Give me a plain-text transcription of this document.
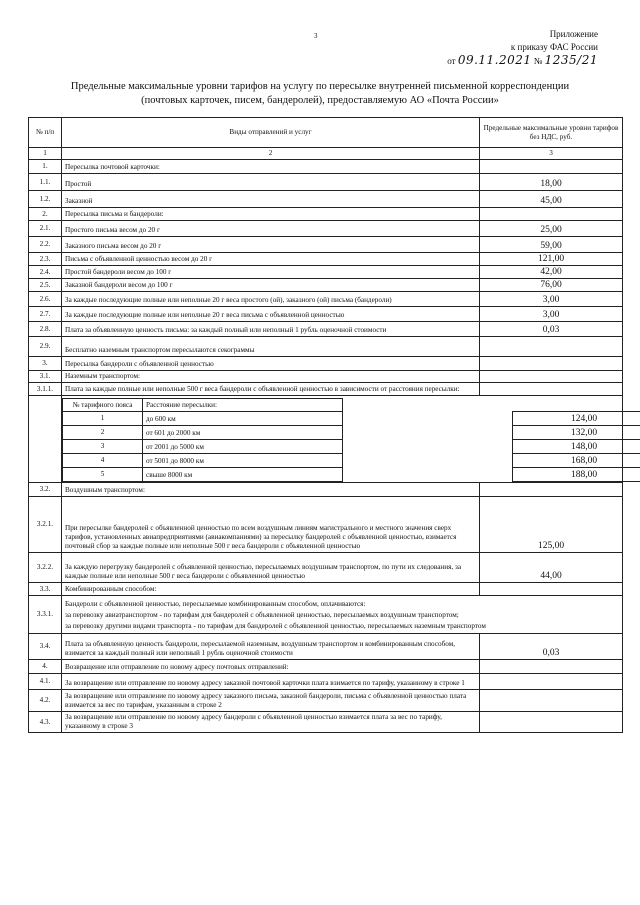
3	Приложение
к приказу ФАС России
от 09.11.2021 № 1235/21
Предельные максимальные уровни тарифов на услугу по пересылке внутренней письменной корреспонденции
(почтовых карточек, писем, бандеролей), предоставляемую АО «Почта России»
№ п/п	Виды отправлений и услуг	Предельные максимальные уровни тарифов без НДС, руб.
1	2	3
1.	Пересылка почтовой карточки:	
1.1.	Простой	18,00
1.2.	Заказной	45,00
2.	Пересылка письма и бандероли:	
2.1.	Простого письма весом до 20 г	25,00
2.2.	Заказного письма весом до 20 г	59,00
2.3.	Письма с объявленной ценностью весом до 20 г	121,00
2.4.	Простой бандероли весом до 100 г	42,00
2.5.	Заказной бандероли весом до 100 г	76,00
2.6.	За каждые последующие полные или неполные 20 г веса простого (ой), заказного (ой) письма (бандероли)	3,00
2.7.	За каждые последующие полные или неполные 20 г веса письма с объявленной ценностью	3,00
2.8.	Плата за объявленную ценность письма: за каждый полный или неполный 1 рубль оценочной стоимости	0,03
2.9.	Бесплатно наземным транспортом пересылаются секограммы	
3.	Пересылка бандероли с объявленной ценностью	
3.1.	Наземным транспортом:	
3.1.1.	Плата за каждые полные или неполные 500 г веса бандероли с объявленной ценностью в зависимости от расстояния пересылки:	

№ тарифного пояса	Расстояние пересылки:		
1	до 600 км		124,00
2	от 601 до 2000 км		132,00
3	от 2001 до 5000 км		148,00
4	от 5001 до 8000 км		168,00
5	свыше 8000 км		188,00

3.2.	Воздушным транспортом:	
3.2.1.	При пересылке бандеролей с объявленной ценностью по всем воздушным линиям магистрального и местного значения сверх тарифов, установленных авиапредприятиями (авиакомпаниями) за пересылку бандеролей с объявленной ценностью, взимается почтовый сбор за каждые полные или неполные 500 г веса бандероли с объявленной ценностью	125,00
3.2.2.	За каждую перегрузку бандеролей с объявленной ценностью, пересылаемых воздушным транспортом, по пути их следования, за каждые полные или неполные 500 г веса бандероли с объявленной ценностью	44,00
3.3.	Комбинированным способом:	
3.3.1.	
Бандероли с объявленной ценностью, пересылаемые комбинированным способом, оплачиваются:
за перевозку авиатранспортом - по тарифам для бандеролей с объявленной ценностью, пересылаемых воздушным транспортом;
за перевозку другими видами транспорта - по тарифам для бандеролей с объявленной ценностью, пересылаемых наземным транспортом

3.4.	Плата за объявленную ценность бандероли, пересылаемой наземным, воздушным транспортом и комбинированным способом, взимается за каждый полный или неполный 1 рубль оценочной стоимости	0,03
4.	Возвращение или отправление по новому адресу почтовых отправлений:	
4.1.	За возвращение или отправление по новому адресу заказной почтовой карточки плата взимается по тарифу, указанному в строке 1	
4.2.	За возвращение или отправление по новому адресу заказного письма, заказной бандероли, письма с объявленной ценностью плата взимается за вес по тарифам, указанным в строке 2	
4.3.	За возвращение или отправление по новому адресу бандероли с объявленной ценностью взимается плата за вес по тарифу, указанному в строке 3	
